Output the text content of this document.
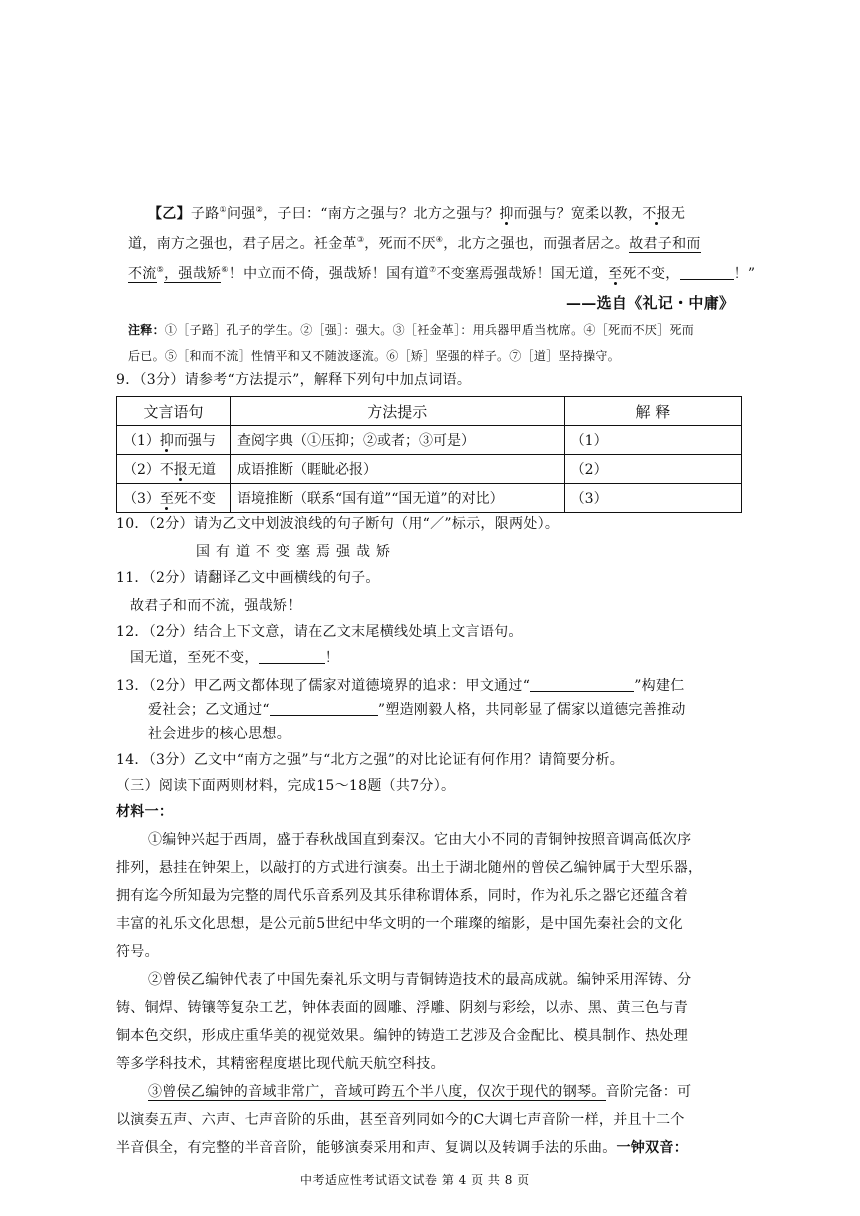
【乙】子路①问强②，子曰：“南方之强与？北方之强与？抑而强与？宽柔以教，不报无
道，南方之强也，君子居之。衽金革③，死而不厌④，北方之强也，而强者居之。故君子和而
不流⑤，强哉矫⑥！中立而不倚，强哉矫！国有道⑦不变塞焉强哉矫！国无道，至死不变，	！”
——选自《礼记・中庸》
注释：①［子路］孔子的学生。②［强］：强大。③［衽金革］：用兵器甲盾当枕席。④［死而不厌］死而
后已。⑤［和而不流］性情平和又不随波逐流。⑥［矫］坚强的样子。⑦［道］坚持操守。
9．（3分）请参考“方法提示”，解释下列句中加点词语。
文言语句	方法提示	解 释
（1）抑而强与	查阅字典（①压抑；②或者；③可是）	（1）
（2）不报无道	成语推断（睚眦必报）	（2）
（3）至死不变	语境推断（联系“国有道”“国无道”的对比）	（3）
10．（2分）请为乙文中划波浪线的句子断句（用“／”标示，限两处）。
国有道不变塞焉强哉矫
11．（2分）请翻译乙文中画横线的句子。
故君子和而不流，强哉矫！
12．（2分）结合上下文意，请在乙文末尾横线处填上文言语句。
国无道，至死不变，	！
13．（2分）甲乙两文都体现了儒家对道德境界的追求：甲文通过“	”构建仁
爱社会；乙文通过“	”塑造刚毅人格，共同彰显了儒家以道德完善推动
社会进步的核心思想。
14．（3分）乙文中“南方之强”与“北方之强”的对比论证有何作用？请简要分析。
（三）阅读下面两则材料，完成15～18题（共7分）。
材料一：
①编钟兴起于西周，盛于春秋战国直到秦汉。它由大小不同的青铜钟按照音调高低次序
排列，悬挂在钟架上，以敲打的方式进行演奏。出土于湖北随州的曾侯乙编钟属于大型乐器，
拥有迄今所知最为完整的周代乐音系列及其乐律称谓体系，同时，作为礼乐之器它还蕴含着
丰富的礼乐文化思想，是公元前5世纪中华文明的一个璀璨的缩影，是中国先秦社会的文化
符号。
②曾侯乙编钟代表了中国先秦礼乐文明与青铜铸造技术的最高成就。编钟采用浑铸、分
铸、铜焊、铸镶等复杂工艺，钟体表面的圆雕、浮雕、阴刻与彩绘，以赤、黑、黄三色与青
铜本色交织，形成庄重华美的视觉效果。编钟的铸造工艺涉及合金配比、模具制作、热处理
等多学科技术，其精密程度堪比现代航天航空科技。
③曾侯乙编钟的音域非常广，音域可跨五个半八度，仅次于现代的钢琴。音阶完备：可
以演奏五声、六声、七声音阶的乐曲，甚至音列同如今的C大调七声音阶一样，并且十二个
半音俱全，有完整的半音音阶，能够演奏采用和声、复调以及转调手法的乐曲。一钟双音：
中考适应性考试语文试卷 第 4 页 共 8 页
